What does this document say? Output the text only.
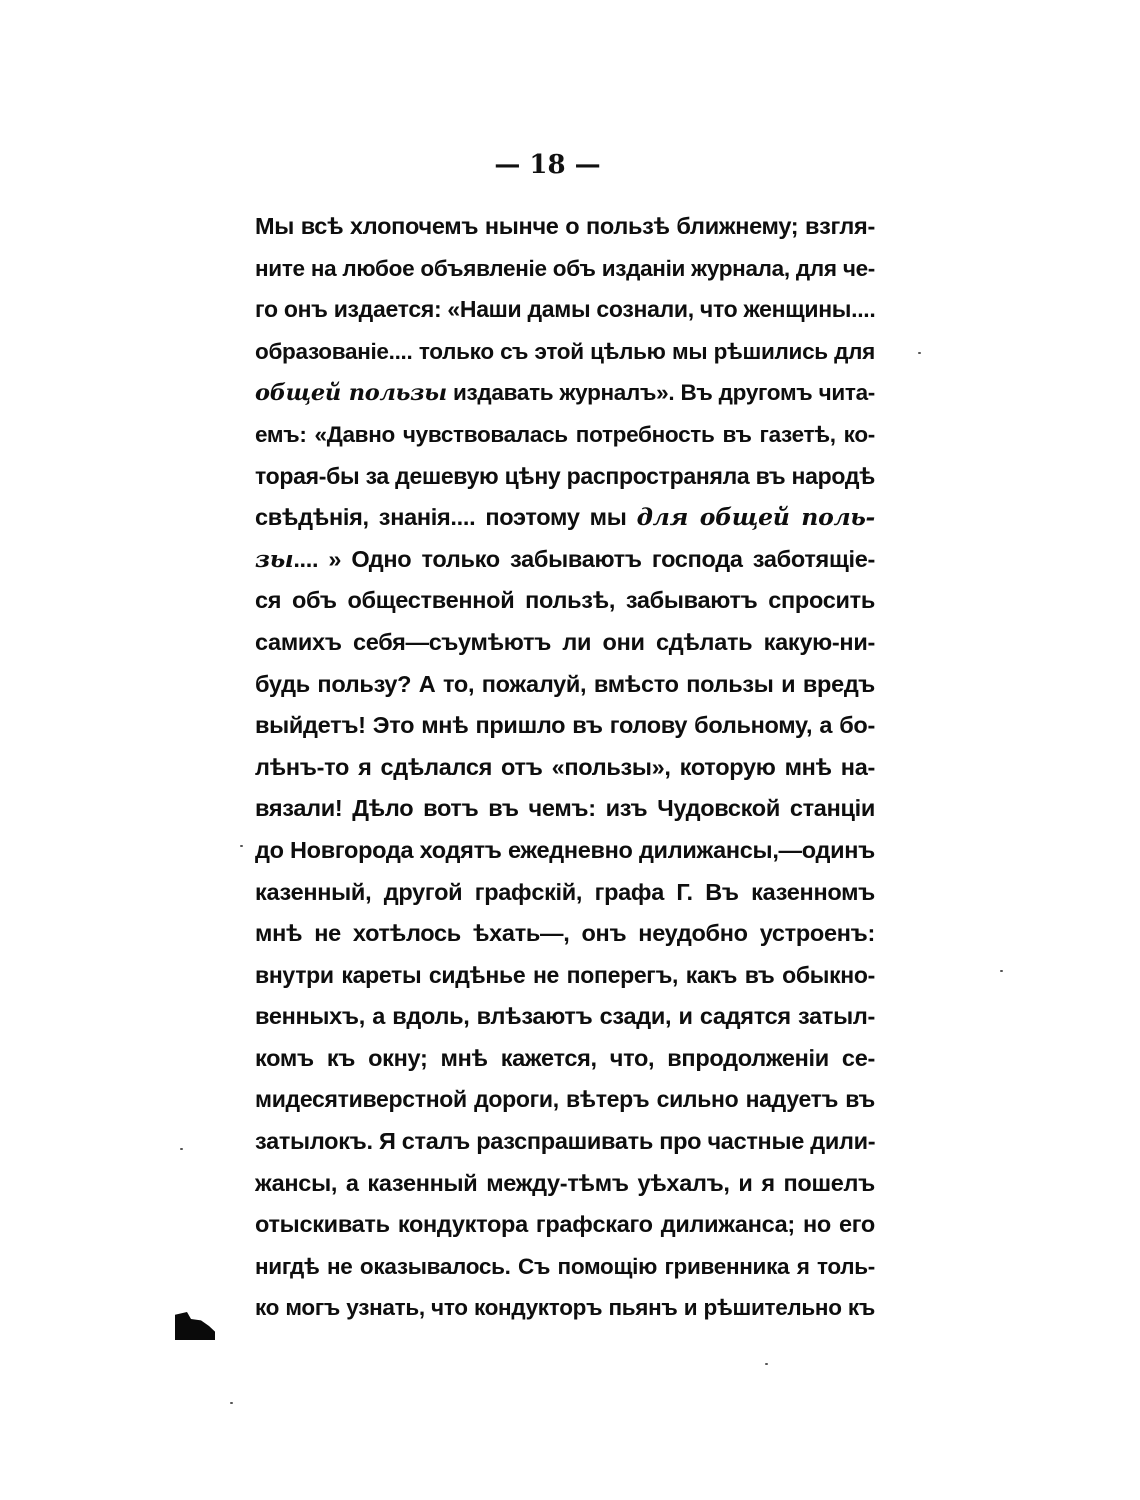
— 18 —
Мы всѣ хлопочемъ нынче о пользѣ ближнему; взгля-
ните на любое объявленіе объ изданіи журнала, для че-
го онъ издается: «Наши дамы сознали, что женщины....
образованіе.... только съ этой цѣлью мы рѣшились для
общей пользы издавать журналъ». Въ другомъ чита-
емъ: «Давно чувствовалась потребность въ газетѣ, ко-
торая-бы за дешевую цѣну распространяла въ народѣ
свѣдѣнія, знанія.... поэтому мы для общей поль-
зы.... » Одно только забываютъ господа заботящіе-
ся объ общественной пользѣ, забываютъ спросить
самихъ себя—съумѣютъ ли они сдѣлать какую-ни-
будь пользу? А то, пожалуй, вмѣсто пользы и вредъ
выйдетъ! Это мнѣ пришло въ голову больному, а бо-
лѣнъ-то я сдѣлался отъ «пользы», которую мнѣ на-
вязали! Дѣло вотъ въ чемъ: изъ Чудовской станціи
до Новгорода ходятъ ежедневно дилижансы,—одинъ
казенный, другой графскій, графа Г. Въ казенномъ
мнѣ не хотѣлось ѣхать—, онъ неудобно устроенъ:
внутри кареты сидѣнье не поперегъ, какъ въ обыкно-
венныхъ, а вдоль, влѣзаютъ сзади, и садятся затыл-
комъ къ окну; мнѣ кажется, что, впродолженіи се-
мидесятиверстной дороги, вѣтеръ сильно надуетъ въ
затылокъ. Я сталъ разспрашивать про частные дили-
жансы, а казенный между-тѣмъ уѣхалъ, и я пошелъ
отыскивать кондуктора графскаго дилижанса; но его
нигдѣ не оказывалось. Съ помощію гривенника я толь-
ко могъ узнать, что кондукторъ пьянъ и рѣшительно къ
